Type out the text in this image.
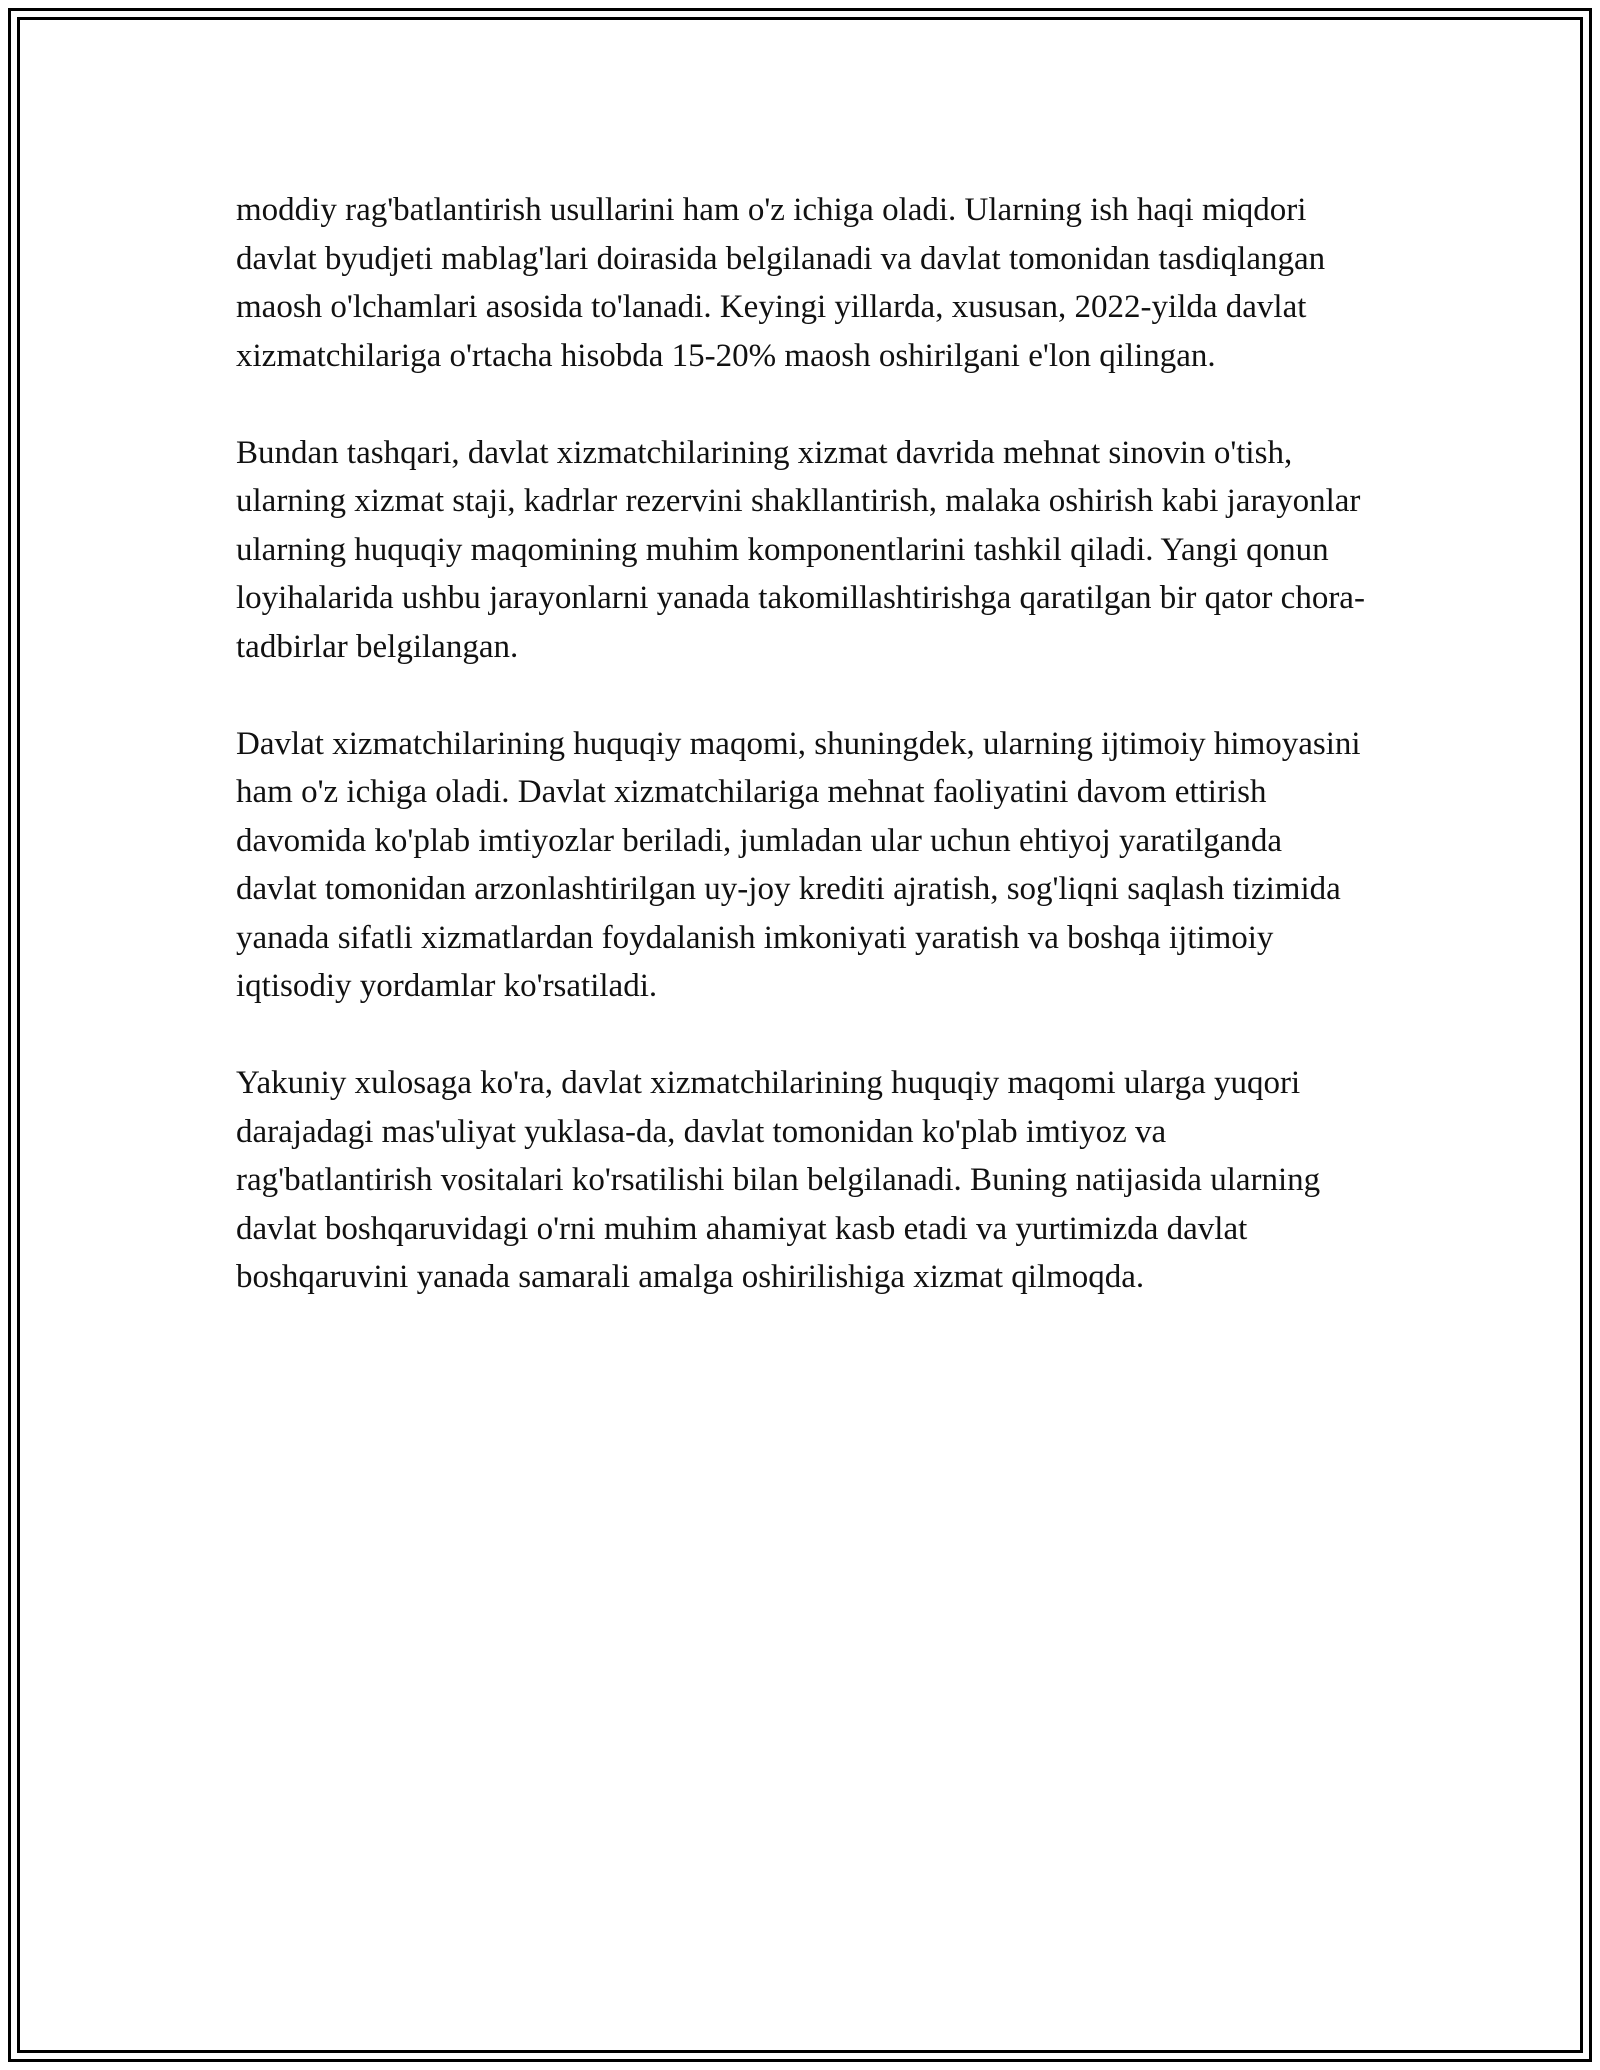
moddiy rag'batlantirish usullarini ham o'z ichiga oladi. Ularning ish haqi miqdori davlat byudjeti mablag'lari doirasida belgilanadi va davlat tomonidan tasdiqlangan maosh o'lchamlari asosida to'lanadi. Keyingi yillarda, xususan, 2022-yilda davlat xizmatchilariga o'rtacha hisobda 15-20% maosh oshirilgani e'lon qilingan.

Bundan tashqari, davlat xizmatchilarining xizmat davrida mehnat sinovin o'tish, ularning xizmat staji, kadrlar rezervini shakllantirish, malaka oshirish kabi jarayonlar ularning huquqiy maqomining muhim komponentlarini tashkil qiladi. Yangi qonun loyihalarida ushbu jarayonlarni yanada takomillashtirishga qaratilgan bir qator chora-tadbirlar belgilangan.

Davlat xizmatchilarining huquqiy maqomi, shuningdek, ularning ijtimoiy himoyasini ham o'z ichiga oladi. Davlat xizmatchilariga mehnat faoliyatini davom ettirish davomida ko'plab imtiyozlar beriladi, jumladan ular uchun ehtiyoj yaratilganda davlat tomonidan arzonlashtirilgan uy-joy krediti ajratish, sog'liqni saqlash tizimida yanada sifatli xizmatlardan foydalanish imkoniyati yaratish va boshqa ijtimoiy iqtisodiy yordamlar ko'rsatiladi.

Yakuniy xulosaga ko'ra, davlat xizmatchilarining huquqiy maqomi ularga yuqori darajadagi mas'uliyat yuklasa-da, davlat tomonidan ko'plab imtiyoz va rag'batlantirish vositalari ko'rsatilishi bilan belgilanadi. Buning natijasida ularning davlat boshqaruvidagi o'rni muhim ahamiyat kasb etadi va yurtimizda davlat boshqaruvini yanada samarali amalga oshirilishiga xizmat qilmoqda.
